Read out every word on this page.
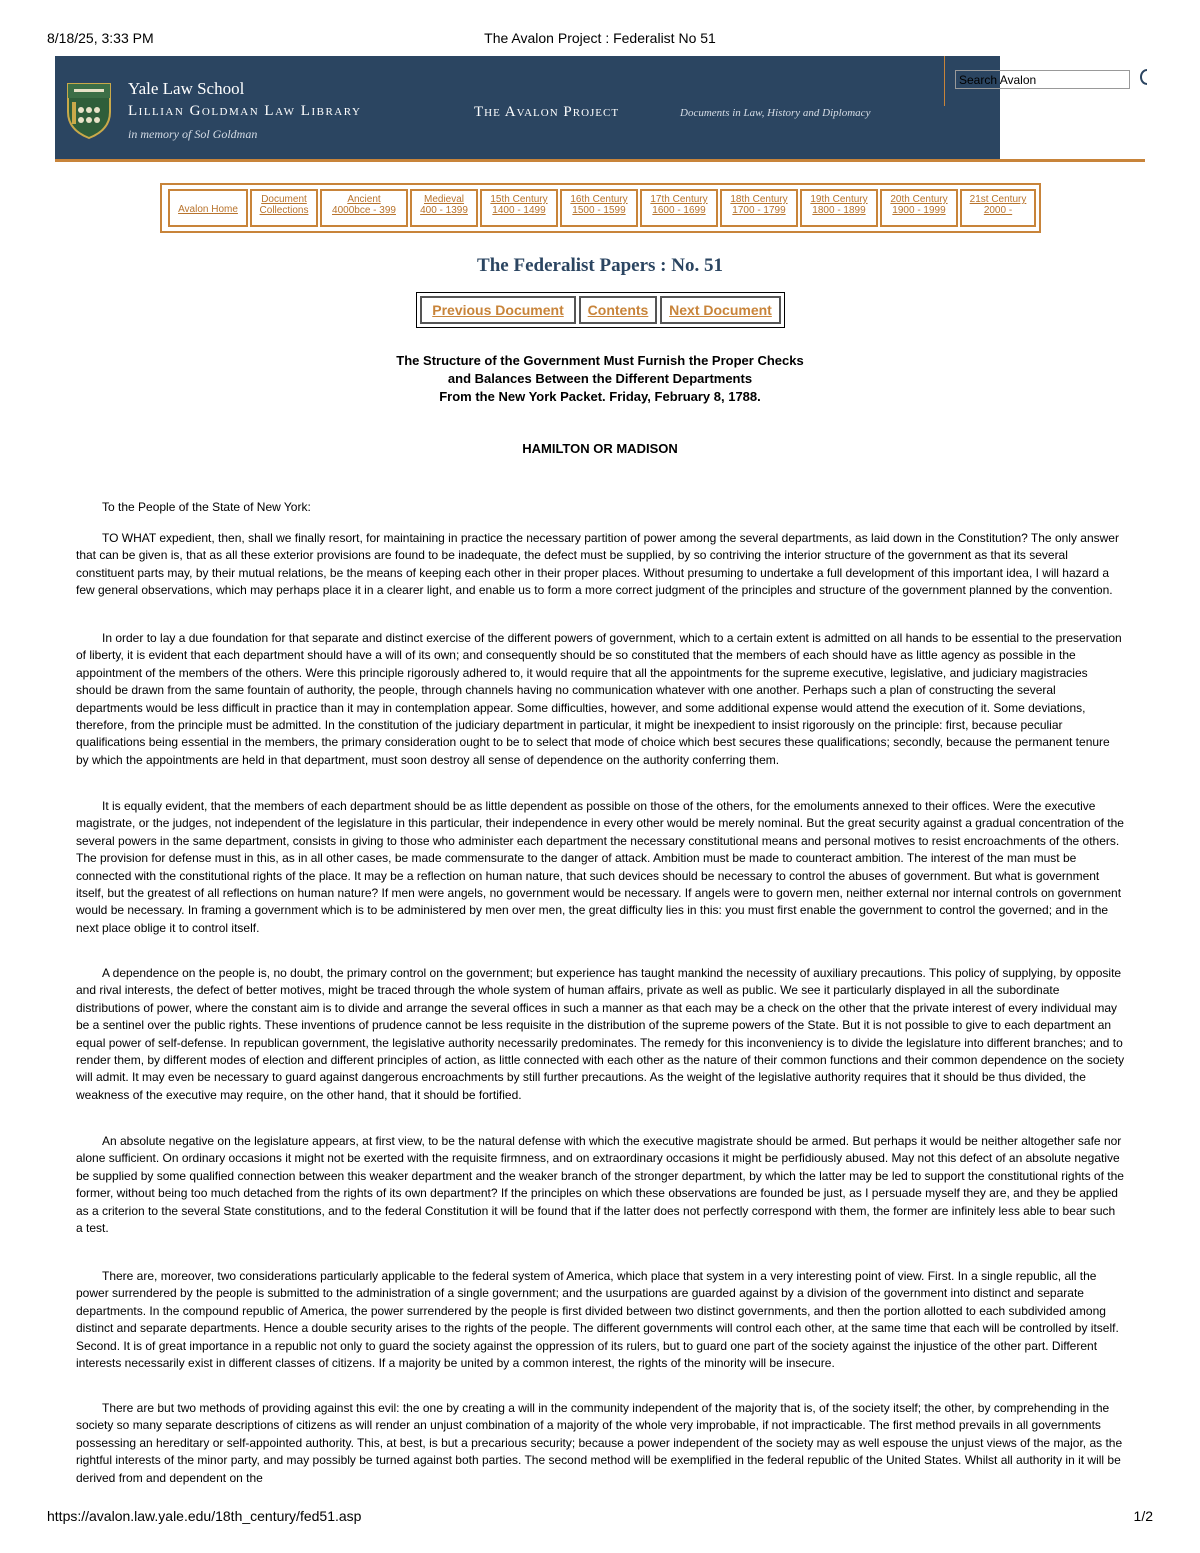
8/18/25, 3:33 PM	The Avalon Project : Federalist No 51
Yale Law School
Lillian Goldman Law Library
in memory of Sol Goldman
The Avalon Project	Documents in Law, History and Diplomacy
Search Avalon
Avalon Home
Document
Collections
Ancient
4000bce - 399
Medieval
400 - 1399
15th Century
1400 - 1499
16th Century
1500 - 1599
17th Century
1600 - 1699
18th Century
1700 - 1799
19th Century
1800 - 1899
20th Century
1900 - 1999
21st Century
2000 -
The Federalist Papers : No. 51
Previous Document	Contents	Next Document
The Structure of the Government Must Furnish the Proper Checks
and Balances Between the Different Departments
From the New York Packet. Friday, February 8, 1788.
HAMILTON OR MADISON
To the People of the State of New York:

TO WHAT expedient, then, shall we finally resort, for maintaining in practice the necessary partition of power among the several departments, as laid down in the Constitution? The only answer that can be given is, that as all these exterior provisions are found to be inadequate, the defect must be supplied, by so contriving the interior structure of the government as that its several constituent parts may, by their mutual relations, be the means of keeping each other in their proper places. Without presuming to undertake a full development of this important idea, I will hazard a few general observations, which may perhaps place it in a clearer light, and enable us to form a more correct judgment of the principles and structure of the government planned by the convention.

In order to lay a due foundation for that separate and distinct exercise of the different powers of government, which to a certain extent is admitted on all hands to be essential to the preservation of liberty, it is evident that each department should have a will of its own; and consequently should be so constituted that the members of each should have as little agency as possible in the appointment of the members of the others. Were this principle rigorously adhered to, it would require that all the appointments for the supreme executive, legislative, and judiciary magistracies should be drawn from the same fountain of authority, the people, through channels having no communication whatever with one another. Perhaps such a plan of constructing the several departments would be less difficult in practice than it may in contemplation appear. Some difficulties, however, and some additional expense would attend the execution of it. Some deviations, therefore, from the principle must be admitted. In the constitution of the judiciary department in particular, it might be inexpedient to insist rigorously on the principle: first, because peculiar qualifications being essential in the members, the primary consideration ought to be to select that mode of choice which best secures these qualifications; secondly, because the permanent tenure by which the appointments are held in that department, must soon destroy all sense of dependence on the authority conferring them.

It is equally evident, that the members of each department should be as little dependent as possible on those of the others, for the emoluments annexed to their offices. Were the executive magistrate, or the judges, not independent of the legislature in this particular, their independence in every other would be merely nominal. But the great security against a gradual concentration of the several powers in the same department, consists in giving to those who administer each department the necessary constitutional means and personal motives to resist encroachments of the others. The provision for defense must in this, as in all other cases, be made commensurate to the danger of attack. Ambition must be made to counteract ambition. The interest of the man must be connected with the constitutional rights of the place. It may be a reflection on human nature, that such devices should be necessary to control the abuses of government. But what is government itself, but the greatest of all reflections on human nature? If men were angels, no government would be necessary. If angels were to govern men, neither external nor internal controls on government would be necessary. In framing a government which is to be administered by men over men, the great difficulty lies in this: you must first enable the government to control the governed; and in the next place oblige it to control itself.

A dependence on the people is, no doubt, the primary control on the government; but experience has taught mankind the necessity of auxiliary precautions. This policy of supplying, by opposite and rival interests, the defect of better motives, might be traced through the whole system of human affairs, private as well as public. We see it particularly displayed in all the subordinate distributions of power, where the constant aim is to divide and arrange the several offices in such a manner as that each may be a check on the other that the private interest of every individual may be a sentinel over the public rights. These inventions of prudence cannot be less requisite in the distribution of the supreme powers of the State. But it is not possible to give to each department an equal power of self-defense. In republican government, the legislative authority necessarily predominates. The remedy for this inconveniency is to divide the legislature into different branches; and to render them, by different modes of election and different principles of action, as little connected with each other as the nature of their common functions and their common dependence on the society will admit. It may even be necessary to guard against dangerous encroachments by still further precautions. As the weight of the legislative authority requires that it should be thus divided, the weakness of the executive may require, on the other hand, that it should be fortified.

An absolute negative on the legislature appears, at first view, to be the natural defense with which the executive magistrate should be armed. But perhaps it would be neither altogether safe nor alone sufficient. On ordinary occasions it might not be exerted with the requisite firmness, and on extraordinary occasions it might be perfidiously abused. May not this defect of an absolute negative be supplied by some qualified connection between this weaker department and the weaker branch of the stronger department, by which the latter may be led to support the constitutional rights of the former, without being too much detached from the rights of its own department? If the principles on which these observations are founded be just, as I persuade myself they are, and they be applied as a criterion to the several State constitutions, and to the federal Constitution it will be found that if the latter does not perfectly correspond with them, the former are infinitely less able to bear such a test.

There are, moreover, two considerations particularly applicable to the federal system of America, which place that system in a very interesting point of view. First. In a single republic, all the power surrendered by the people is submitted to the administration of a single government; and the usurpations are guarded against by a division of the government into distinct and separate departments. In the compound republic of America, the power surrendered by the people is first divided between two distinct governments, and then the portion allotted to each subdivided among distinct and separate departments. Hence a double security arises to the rights of the people. The different governments will control each other, at the same time that each will be controlled by itself. Second. It is of great importance in a republic not only to guard the society against the oppression of its rulers, but to guard one part of the society against the injustice of the other part. Different interests necessarily exist in different classes of citizens. If a majority be united by a common interest, the rights of the minority will be insecure.

There are but two methods of providing against this evil: the one by creating a will in the community independent of the majority that is, of the society itself; the other, by comprehending in the society so many separate descriptions of citizens as will render an unjust combination of a majority of the whole very improbable, if not impracticable. The first method prevails in all governments possessing an hereditary or self-appointed authority. This, at best, is but a precarious security; because a power independent of the society may as well espouse the unjust views of the major, as the rightful interests of the minor party, and may possibly be turned against both parties. The second method will be exemplified in the federal republic of the United States. Whilst all authority in it will be derived from and dependent on the

https://avalon.law.yale.edu/18th_century/fed51.asp	1/2
